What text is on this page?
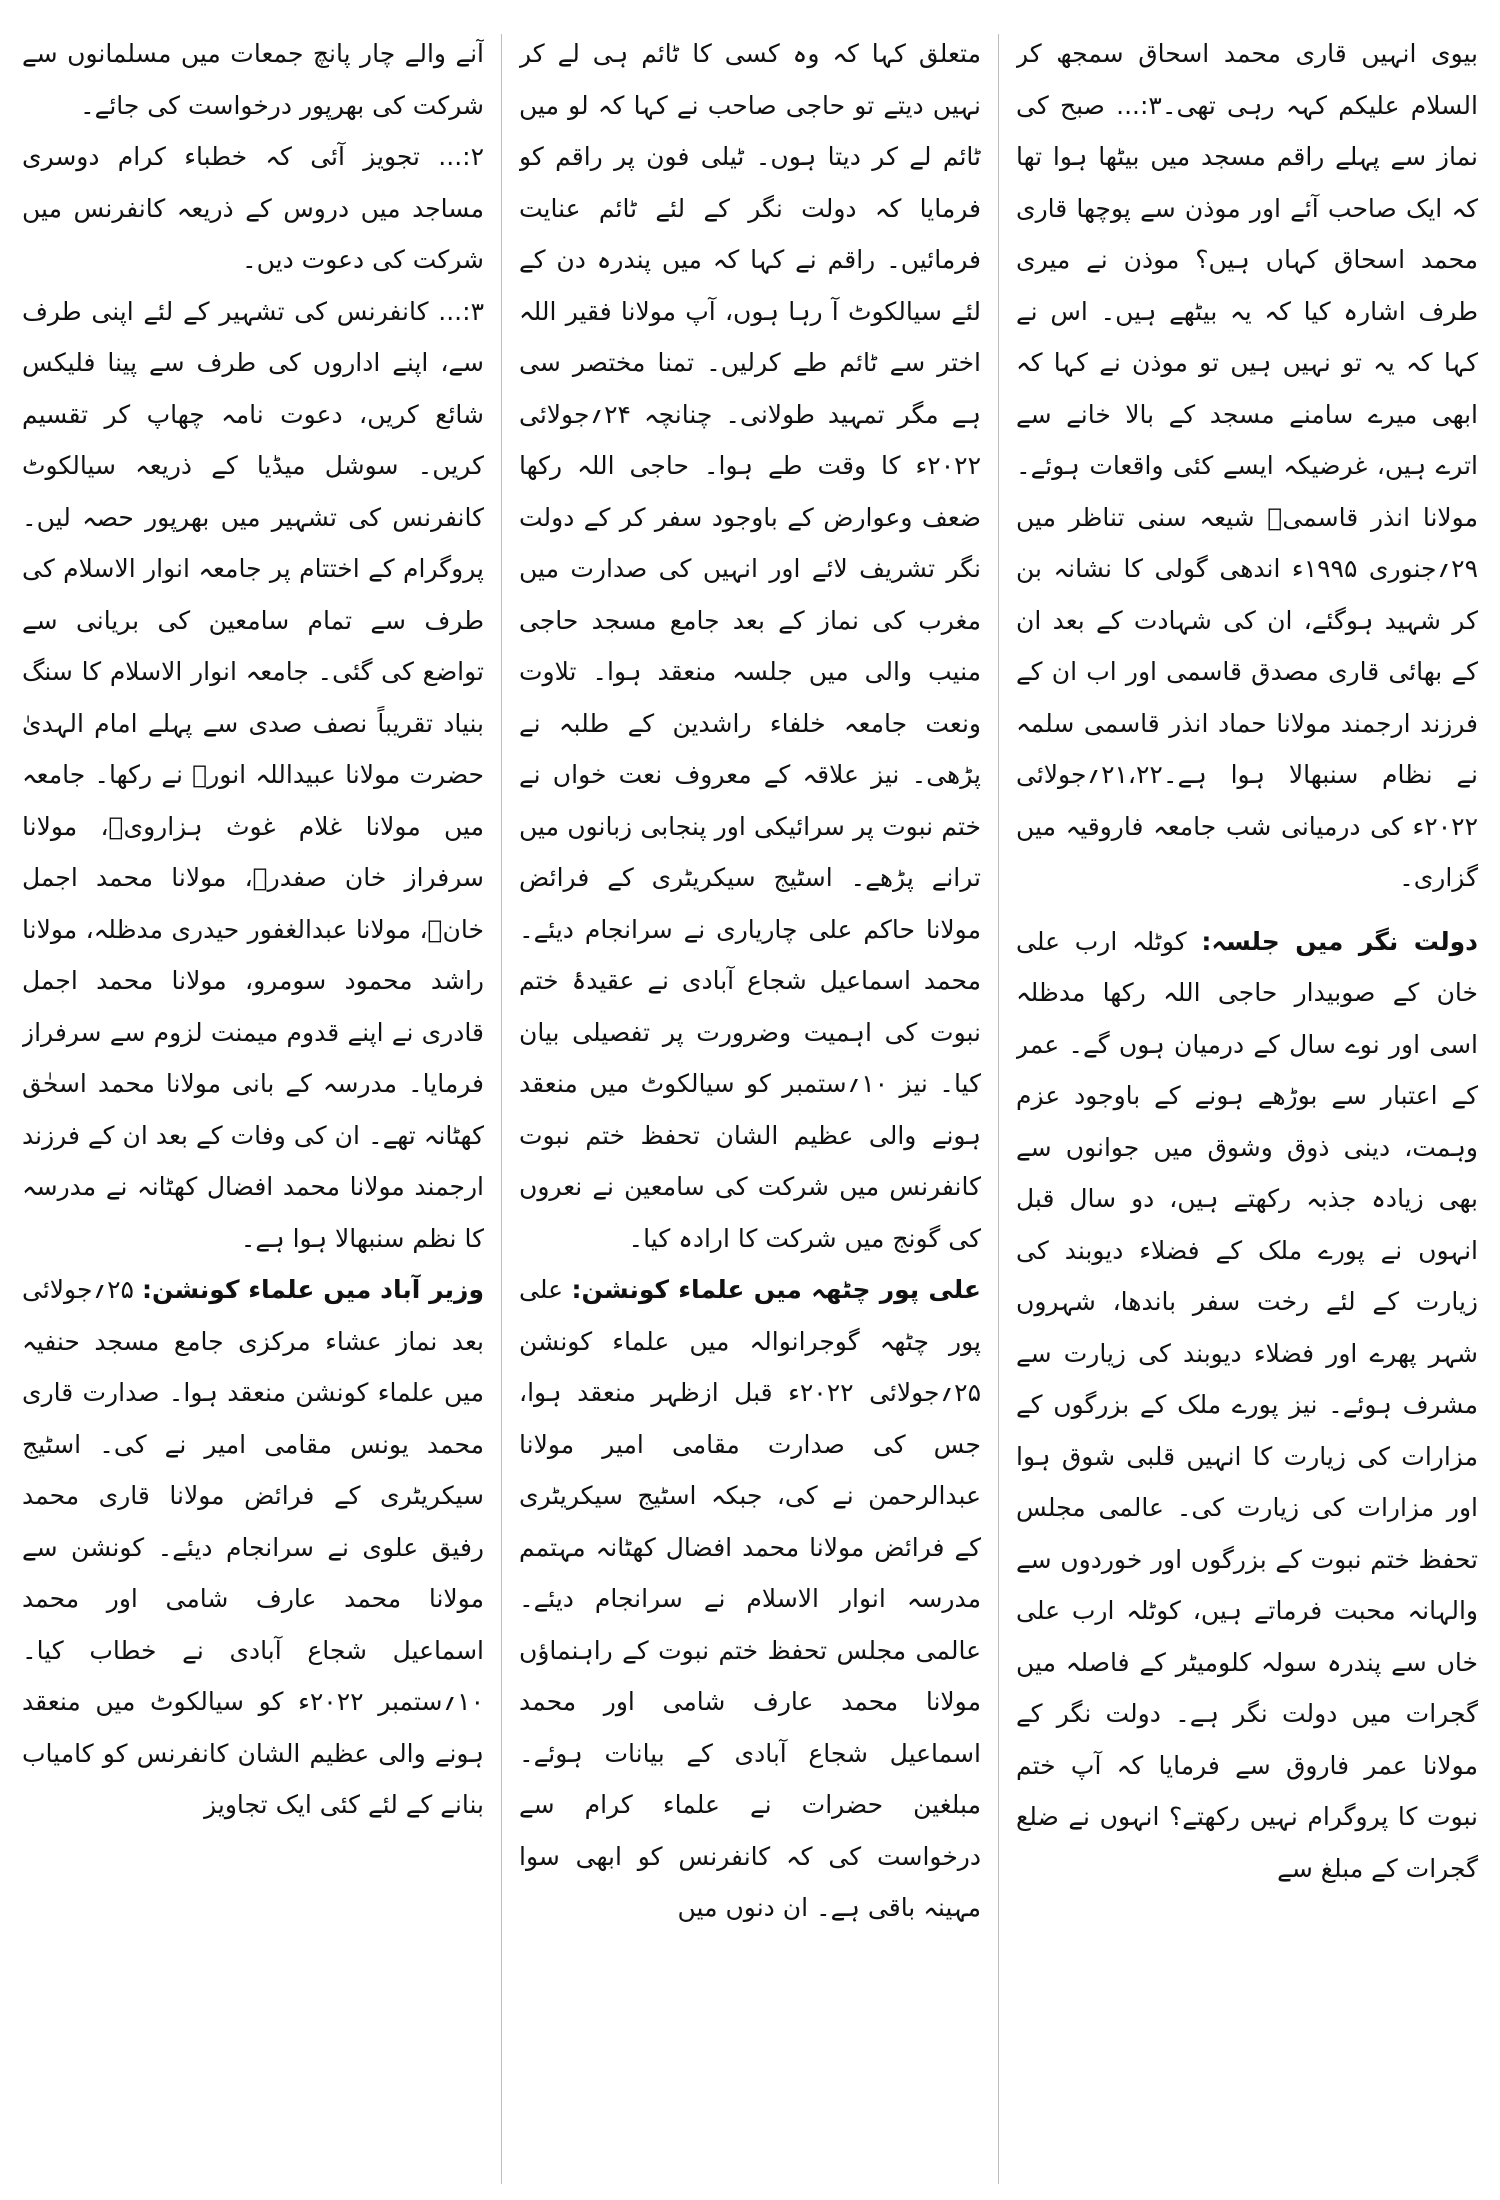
بیوی انہیں قاری محمد اسحاق سمجھ کر السلام علیکم کہہ رہی تھی۔۳:... صبح کی نماز سے پہلے راقم مسجد میں بیٹھا ہوا تھا کہ ایک صاحب آئے اور موذن سے پوچھا قاری محمد اسحاق کہاں ہیں؟ موذن نے میری طرف اشارہ کیا کہ یہ بیٹھے ہیں۔ اس نے کہا کہ یہ تو نہیں ہیں تو موذن نے کہا کہ ابھی میرے سامنے مسجد کے بالا خانے سے اترے ہیں، غرضیکہ ایسے کئی واقعات ہوئے۔ مولانا انذر قاسمیؒ شیعہ سنی تناظر میں ۲۹؍جنوری ۱۹۹۵ء اندھی گولی کا نشانہ بن کر شہید ہوگئے، ان کی شہادت کے بعد ان کے بھائی قاری مصدق قاسمی اور اب ان کے فرزند ارجمند مولانا حماد انذر قاسمی سلمہ نے نظام سنبھالا ہوا ہے۔۲۱،۲۲؍جولائی ۲۰۲۲ء کی درمیانی شب جامعہ فاروقیہ میں گزاری۔

دولت نگر میں جلسہ: کوٹلہ ارب علی خان کے صوبیدار حاجی اللہ رکھا مدظلہ اسی اور نوے سال کے درمیان ہوں گے۔ عمر کے اعتبار سے بوڑھے ہونے کے باوجود عزم وہمت، دینی ذوق وشوق میں جوانوں سے بھی زیادہ جذبہ رکھتے ہیں، دو سال قبل انہوں نے پورے ملک کے فضلاء دیوبند کی زیارت کے لئے رخت سفر باندھا، شہروں شہر پھرے اور فضلاء دیوبند کی زیارت سے مشرف ہوئے۔ نیز پورے ملک کے بزرگوں کے مزارات کی زیارت کا انہیں قلبی شوق ہوا اور مزارات کی زیارت کی۔ عالمی مجلس تحفظ ختم نبوت کے بزرگوں اور خوردوں سے والہانہ محبت فرماتے ہیں، کوٹلہ ارب علی خاں سے پندرہ سولہ کلومیٹر کے فاصلہ میں گجرات میں دولت نگر ہے۔ دولت نگر کے مولانا عمر فاروق سے فرمایا کہ آپ ختم نبوت کا پروگرام نہیں رکھتے؟ انہوں نے ضلع گجرات کے مبلغ سے

متعلق کہا کہ وہ کسی کا ٹائم ہی لے کر نہیں دیتے تو حاجی صاحب نے کہا کہ لو میں ٹائم لے کر دیتا ہوں۔ ٹیلی فون پر راقم کو فرمایا کہ دولت نگر کے لئے ٹائم عنایت فرمائیں۔ راقم نے کہا کہ میں پندرہ دن کے لئے سیالکوٹ آ رہا ہوں، آپ مولانا فقیر اللہ اختر سے ٹائم طے کرلیں۔ تمنا مختصر سی ہے مگر تمہید طولانی۔ چنانچہ ۲۴؍جولائی ۲۰۲۲ء کا وقت طے ہوا۔ حاجی اللہ رکھا ضعف وعوارض کے باوجود سفر کر کے دولت نگر تشریف لائے اور انہیں کی صدارت میں مغرب کی نماز کے بعد جامع مسجد حاجی منیب والی میں جلسہ منعقد ہوا۔ تلاوت ونعت جامعہ خلفاء راشدین کے طلبہ نے پڑھی۔ نیز علاقہ کے معروف نعت خواں نے ختم نبوت پر سرائیکی اور پنجابی زبانوں میں ترانے پڑھے۔ اسٹیج سیکریٹری کے فرائض مولانا حاکم علی چاریاری نے سرانجام دیئے۔ محمد اسماعیل شجاع آبادی نے عقیدۂ ختم نبوت کی اہمیت وضرورت پر تفصیلی بیان کیا۔ نیز ۱۰؍ستمبر کو سیالکوٹ میں منعقد ہونے والی عظیم الشان تحفظ ختم نبوت کانفرنس میں شرکت کی سامعین نے نعروں کی گونج میں شرکت کا ارادہ کیا۔

علی پور چٹھہ میں علماء کونشن: علی پور چٹھہ گوجرانوالہ میں علماء کونشن ۲۵؍جولائی ۲۰۲۲ء قبل ازظہر منعقد ہوا، جس کی صدارت مقامی امیر مولانا عبدالرحمن نے کی، جبکہ اسٹیج سیکریٹری کے فرائض مولانا محمد افضال کھٹانہ مہتمم مدرسہ انوار الاسلام نے سرانجام دیئے۔ عالمی مجلس تحفظ ختم نبوت کے راہنماؤں مولانا محمد عارف شامی اور محمد اسماعیل شجاع آبادی کے بیانات ہوئے۔ مبلغین حضرات نے علماء کرام سے درخواست کی کہ کانفرنس کو ابھی سوا مہینہ باقی ہے۔ ان دنوں میں

آنے والے چار پانچ جمعات میں مسلمانوں سے شرکت کی بھرپور درخواست کی جائے۔

۲:... تجویز آئی کہ خطباء کرام دوسری مساجد میں دروس کے ذریعہ کانفرنس میں شرکت کی دعوت دیں۔

۳:... کانفرنس کی تشہیر کے لئے اپنی طرف سے، اپنے اداروں کی طرف سے پینا فلیکس شائع کریں، دعوت نامہ چھاپ کر تقسیم کریں۔ سوشل میڈیا کے ذریعہ سیالکوٹ کانفرنس کی تشہیر میں بھرپور حصہ لیں۔ پروگرام کے اختتام پر جامعہ انوار الاسلام کی طرف سے تمام سامعین کی بریانی سے تواضع کی گئی۔ جامعہ انوار الاسلام کا سنگ بنیاد تقریباً نصف صدی سے پہلے امام الہدیٰ حضرت مولانا عبیداللہ انورؒ نے رکھا۔ جامعہ میں مولانا غلام غوث ہزارویؒ، مولانا سرفراز خان صفدرؒ، مولانا محمد اجمل خانؒ، مولانا عبدالغفور حیدری مدظلہ، مولانا راشد محمود سومرو، مولانا محمد اجمل قادری نے اپنے قدوم میمنت لزوم سے سرفراز فرمایا۔ مدرسہ کے بانی مولانا محمد اسحٰق کھٹانہ تھے۔ ان کی وفات کے بعد ان کے فرزند ارجمند مولانا محمد افضال کھٹانہ نے مدرسہ کا نظم سنبھالا ہوا ہے۔

وزیر آباد میں علماء کونشن: ۲۵؍جولائی بعد نماز عشاء مرکزی جامع مسجد حنفیہ میں علماء کونشن منعقد ہوا۔ صدارت قاری محمد یونس مقامی امیر نے کی۔ اسٹیج سیکریٹری کے فرائض مولانا قاری محمد رفیق علوی نے سرانجام دیئے۔ کونشن سے مولانا محمد عارف شامی اور محمد اسماعیل شجاع آبادی نے خطاب کیا۔ ۱۰؍ستمبر ۲۰۲۲ء کو سیالکوٹ میں منعقد ہونے والی عظیم الشان کانفرنس کو کامیاب بنانے کے لئے کئی ایک تجاویز
